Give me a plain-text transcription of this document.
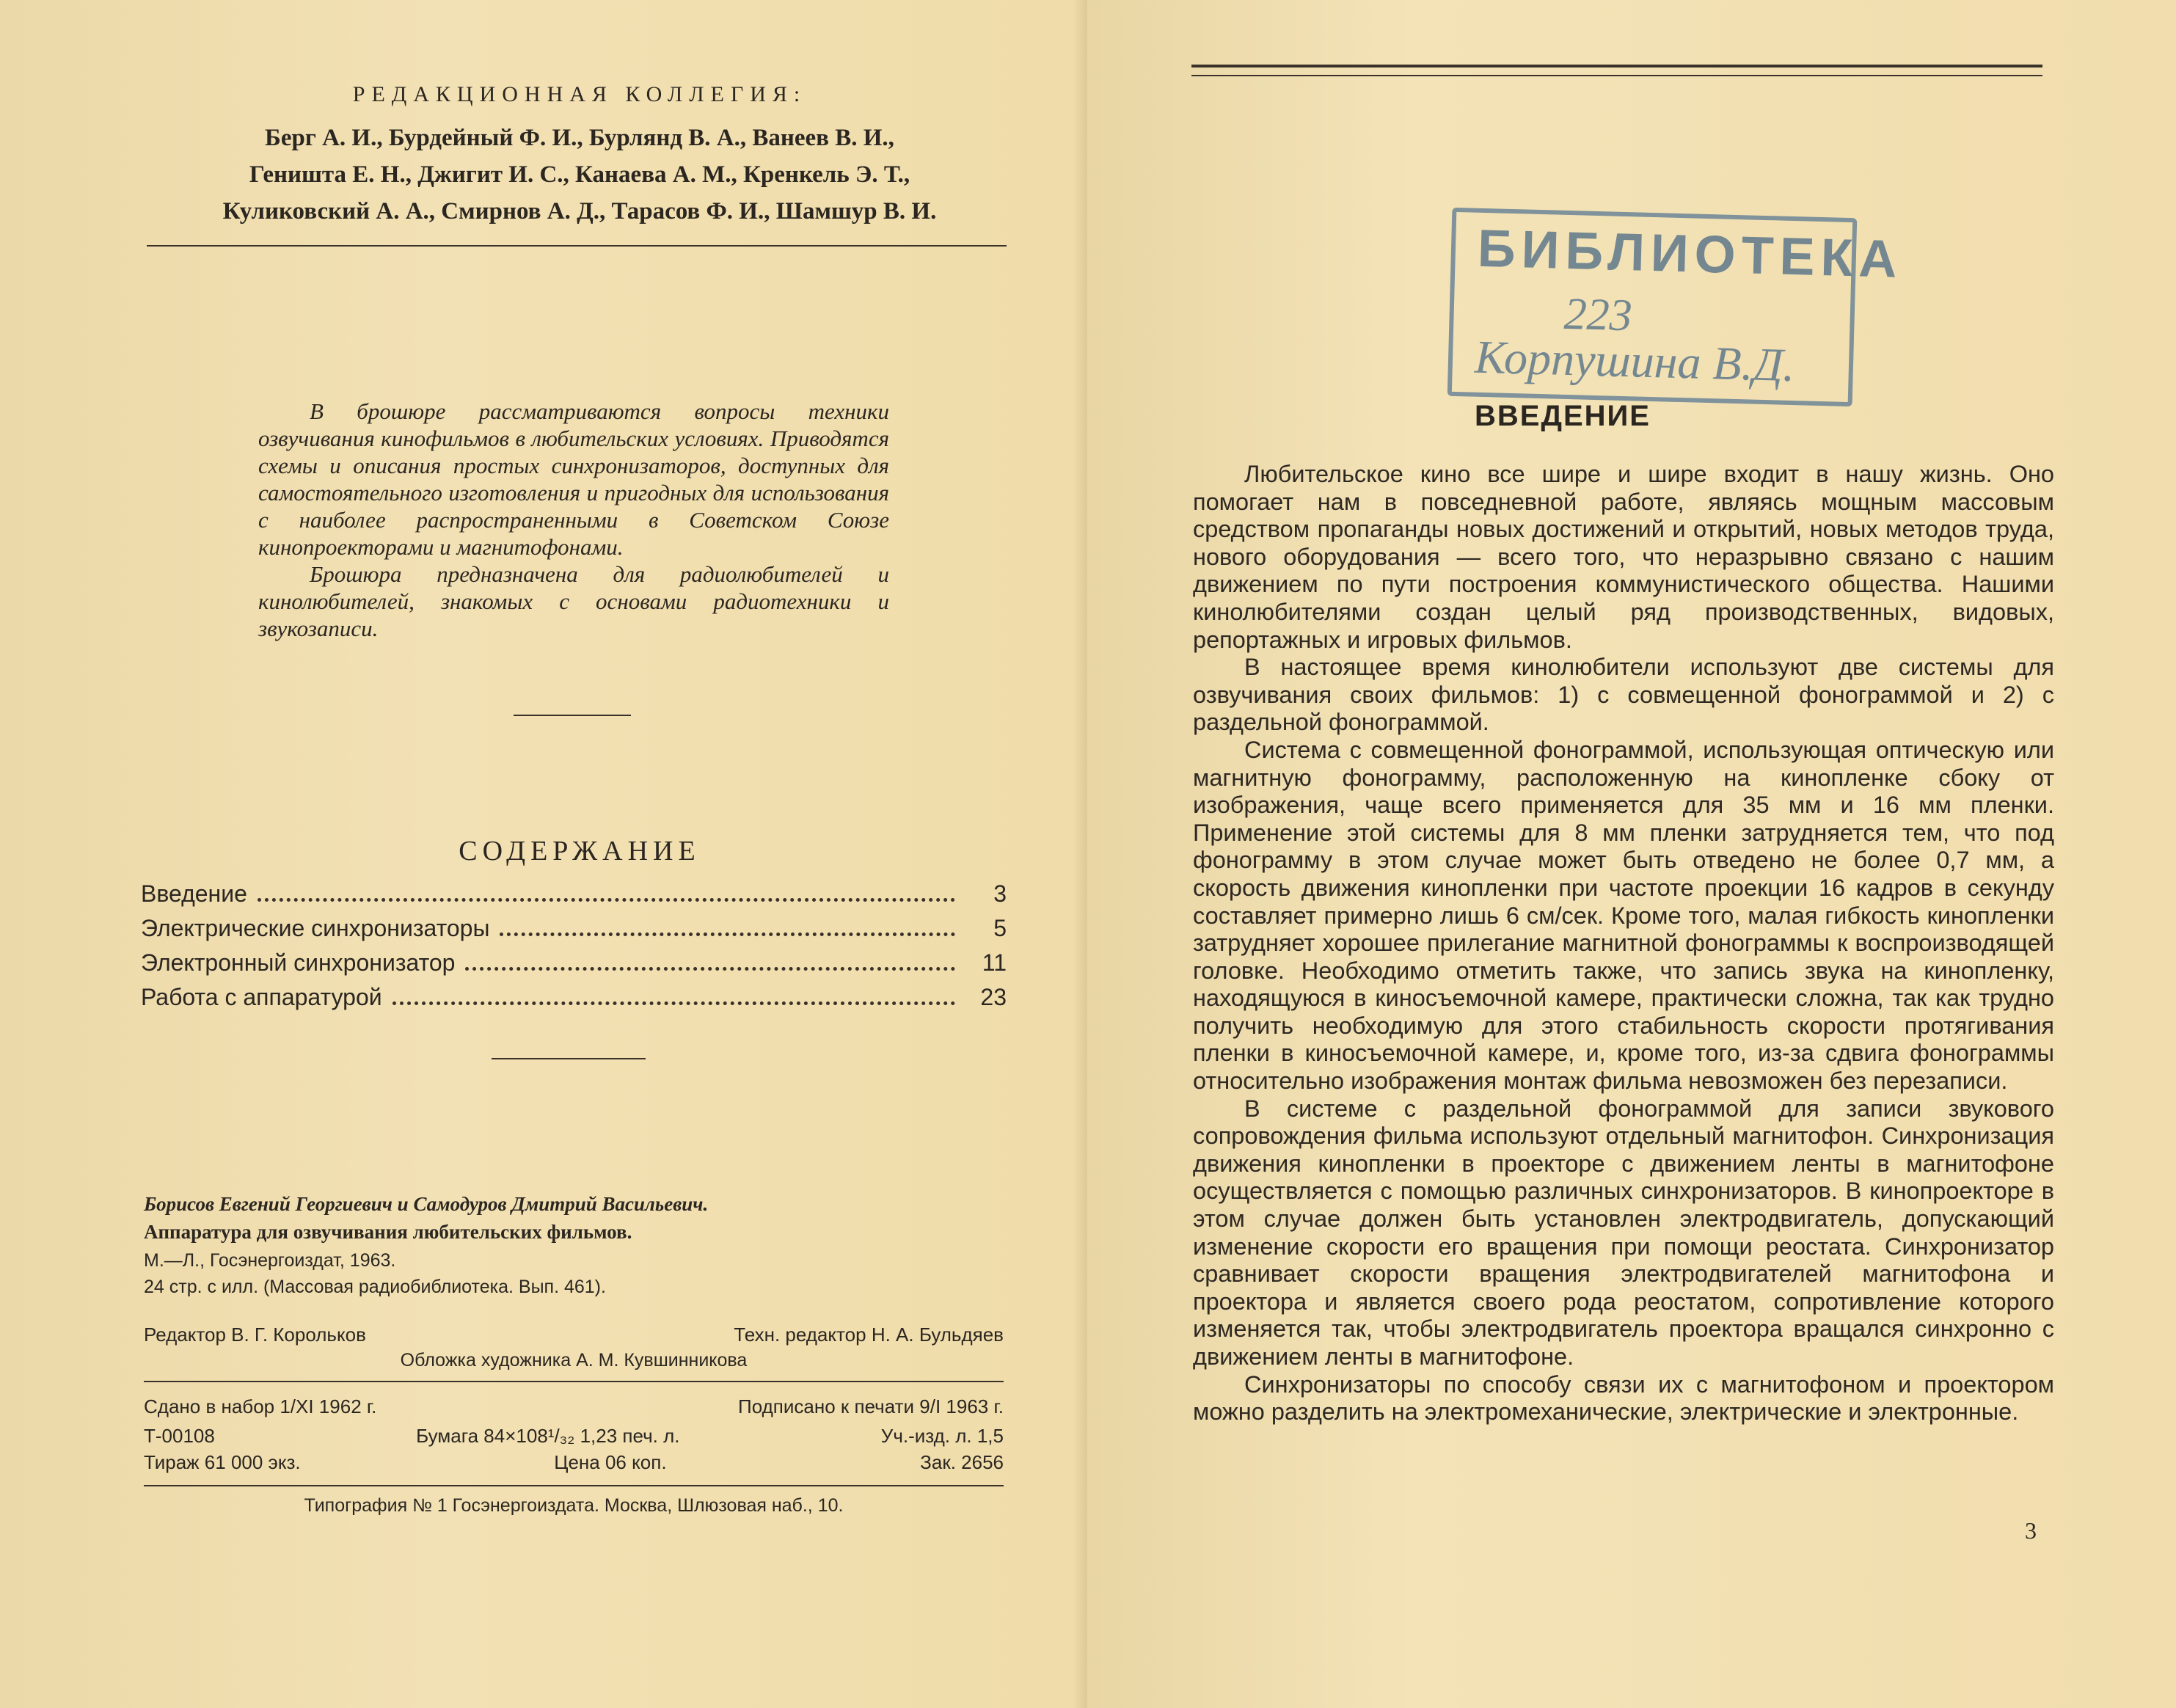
РЕДАКЦИОННАЯ КОЛЛЕГИЯ:
Берг А. И., Бурдейный Ф. И., Бурлянд В. А., Ванеев В. И.,
Геништа Е. Н., Джигит И. С., Канаева А. М., Кренкель Э. Т.,
Куликовский А. А., Смирнов А. Д., Тарасов Ф. И., Шамшур В. И.

В брошюре рассматриваются вопросы техники озвучивания кинофильмов в любительских условиях. Приводятся схемы и описания простых синхронизаторов, доступных для самостоятельного изготовления и пригодных для использования с наиболее распространенными в Советском Союзе кинопроекторами и магнитофонами.

Брошюра предназначена для радиолюбителей и кинолюбителей, знакомых с основами радиотехники и звукозаписи.

СОДЕРЖАНИЕ
Введение	3
Электрические синхронизаторы	5
Электронный синхронизатор	11
Работа с аппаратурой	23
Борисов Евгений Георгиевич и Самодуров Дмитрий Васильевич.
Аппаратура для озвучивания любительских фильмов.
М.—Л., Госэнергоиздат, 1963.
24 стр. с илл. (Массовая радиобиблиотека. Вып. 461).
Редактор В. Г. Корольков	Техн. редактор Н. А. Бульдяев
Обложка художника А. М. Кувшинникова
Сдано в набор 1/XI 1962 г.	Подписано к печати 9/I 1963 г.
Т-00108	Бумага 84×108¹/₃₂ 1,23 печ. л.	Уч.-изд. л. 1,5
Тираж 61 000 экз.	Цена 06 коп.	Зак. 2656
Типография № 1 Госэнергоиздата. Москва, Шлюзовая наб., 10.
БИБЛИОТЕКА
223
Корпушина В.Д.
ВВЕДЕНИЕ

Любительское кино все шире и шире входит в нашу жизнь. Оно помогает нам в повседневной работе, являясь мощным массовым средством пропаганды новых достижений и открытий, новых методов труда, нового оборудования — всего того, что неразрывно связано с нашим движением по пути построения коммунистического общества. Нашими кинолюбителями создан целый ряд производственных, видовых, репортажных и игровых фильмов.

В настоящее время кинолюбители используют две системы для озвучивания своих фильмов: 1) с совмещенной фонограммой и 2) с раздельной фонограммой.

Система с совмещенной фонограммой, использующая оптическую или магнитную фонограмму, расположенную на кинопленке сбоку от изображения, чаще всего применяется для 35 мм и 16 мм пленки. Применение этой системы для 8 мм пленки затрудняется тем, что под фонограмму в этом случае может быть отведено не более 0,7 мм, а скорость движения кинопленки при частоте проекции 16 кадров в секунду составляет примерно лишь 6 см/сек. Кроме того, малая гибкость кинопленки затрудняет хорошее прилегание магнитной фонограммы к воспроизводящей головке. Необходимо отметить также, что запись звука на кинопленку, находящуюся в киносъемочной камере, практически сложна, так как трудно получить необходимую для этого стабильность скорости протягивания пленки в киносъемочной камере, и, кроме того, из-за сдвига фонограммы относительно изображения монтаж фильма невозможен без перезаписи.

В системе с раздельной фонограммой для записи звукового сопровождения фильма используют отдельный магнитофон. Синхронизация движения кинопленки в проекторе с движением ленты в магнитофоне осуществляется с помощью различных синхронизаторов. В кинопроекторе в этом случае должен быть установлен электродвигатель, допускающий изменение скорости его вращения при помощи реостата. Синхронизатор сравнивает скорости вращения электродвигателей магнитофона и проектора и является своего рода реостатом, сопротивление которого изменяется так, чтобы электродвигатель проектора вращался синхронно с движением ленты в магнитофоне.

Синхронизаторы по способу связи их с магнитофоном и проектором можно разделить на электромеханические, электрические и электронные.

3
